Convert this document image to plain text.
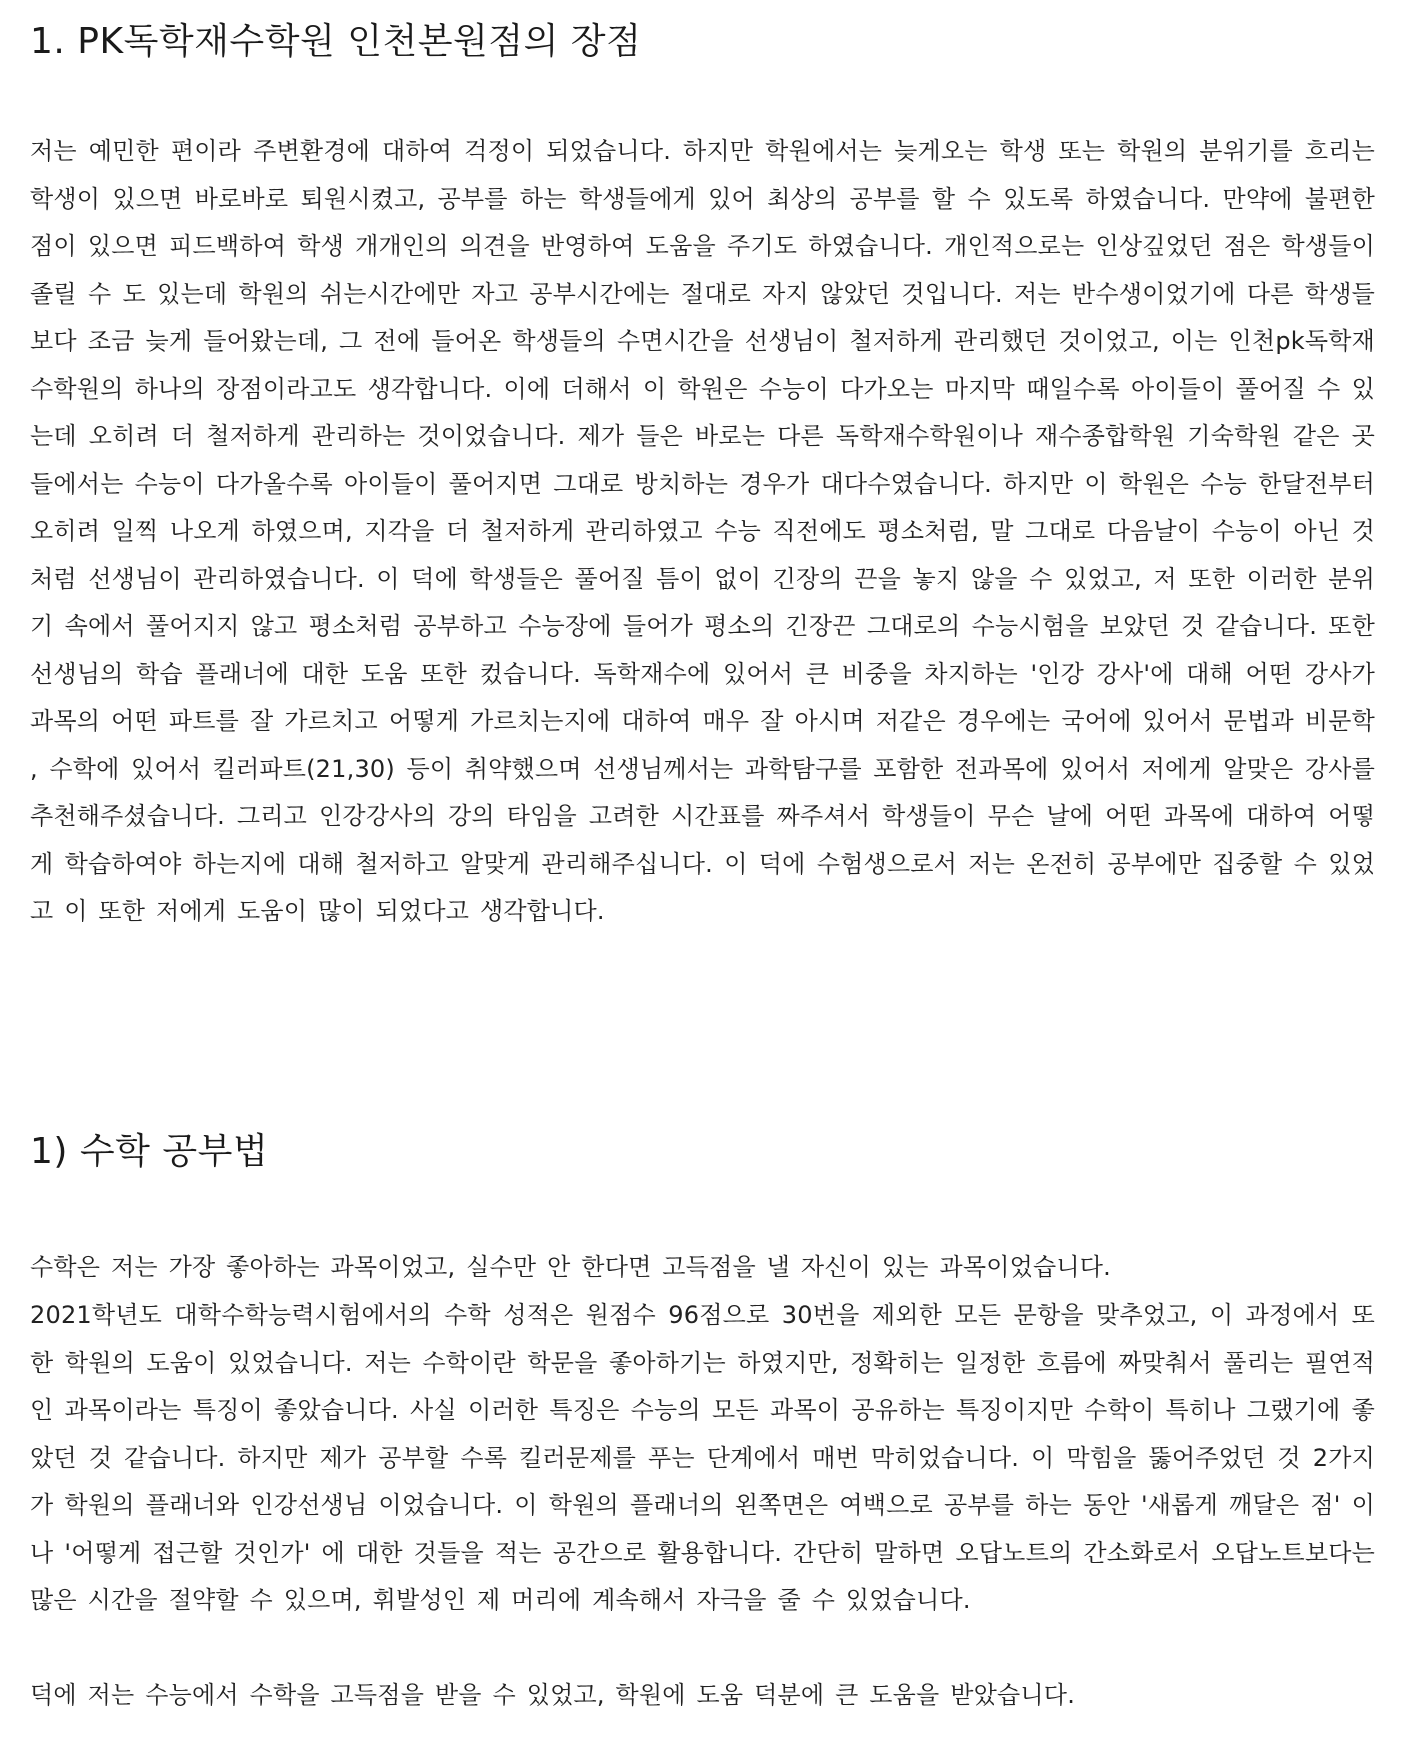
1. PK독학재수학원 인천본원점의 장점

저는 예민한 편이라 주변환경에 대하여 걱정이 되었습니다. 하지만 학원에서는 늦게오는 학생 또는 학원의 분위기를 흐리는 학생이 있으면 바로바로 퇴원시켰고, 공부를 하는 학생들에게 있어 최상의 공부를 할 수 있도록 하였습니다. 만약에 불편한 점이 있으면 피드백하여 학생 개개인의 의견을 반영하여 도움을 주기도 하였습니다. 개인적으로는 인상깊었던 점은 학생들이 졸릴 수 도 있는데 학원의 쉬는시간에만 자고 공부시간에는 절대로 자지 않았던 것입니다. 저는 반수생이었기에 다른 학생들보다 조금 늦게 들어왔는데, 그 전에 들어온 학생들의 수면시간을 선생님이 철저하게 관리했던 것이었고, 이는 인천pk독학재수학원의 하나의 장점이라고도 생각합니다. 이에 더해서 이 학원은 수능이 다가오는 마지막 때일수록 아이들이 풀어질 수 있는데 오히려 더 철저하게 관리하는 것이었습니다. 제가 들은 바로는 다른 독학재수학원이나 재수종합학원 기숙학원 같은 곳들에서는 수능이 다가올수록 아이들이 풀어지면 그대로 방치하는 경우가 대다수였습니다. 하지만 이 학원은 수능 한달전부터 오히려 일찍 나오게 하였으며, 지각을 더 철저하게 관리하였고 수능 직전에도 평소처럼, 말 그대로 다음날이 수능이 아닌 것처럼 선생님이 관리하였습니다. 이 덕에 학생들은 풀어질 틈이 없이 긴장의 끈을 놓지 않을 수 있었고, 저 또한 이러한 분위기 속에서 풀어지지 않고 평소처럼 공부하고 수능장에 들어가 평소의 긴장끈 그대로의 수능시험을 보았던 것 같습니다. 또한 선생님의 학습 플래너에 대한 도움 또한 컸습니다. 독학재수에 있어서 큰 비중을 차지하는 '인강 강사'에 대해 어떤 강사가 과목의 어떤 파트를 잘 가르치고 어떻게 가르치는지에 대하여 매우 잘 아시며 저같은 경우에는 국어에 있어서 문법과 비문학 , 수학에 있어서 킬러파트(21,30) 등이 취약했으며 선생님께서는 과학탐구를 포함한 전과목에 있어서 저에게 알맞은 강사를 추천해주셨습니다. 그리고 인강강사의 강의 타임을 고려한 시간표를 짜주셔서 학생들이 무슨 날에 어떤 과목에 대하여 어떻게 학습하여야 하는지에 대해 철저하고 알맞게 관리해주십니다. 이 덕에 수험생으로서 저는 온전히 공부에만 집중할 수 있었고 이 또한 저에게 도움이 많이 되었다고 생각합니다.

1) 수학 공부법

수학은 저는 가장 좋아하는 과목이었고, 실수만 안 한다면 고득점을 낼 자신이 있는 과목이었습니다.

2021학년도 대학수학능력시험에서의 수학 성적은 원점수 96점으로 30번을 제외한 모든 문항을 맞추었고, 이 과정에서 또한 학원의 도움이 있었습니다. 저는 수학이란 학문을 좋아하기는 하였지만, 정확히는 일정한 흐름에 짜맞춰서 풀리는 필연적인 과목이라는 특징이 좋았습니다. 사실 이러한 특징은 수능의 모든 과목이 공유하는 특징이지만 수학이 특히나 그랬기에 좋았던 것 같습니다. 하지만 제가 공부할 수록 킬러문제를 푸는 단계에서 매번 막히었습니다. 이 막힘을 뚫어주었던 것 2가지가 학원의 플래너와 인강선생님 이었습니다. 이 학원의 플래너의 왼쪽면은 여백으로 공부를 하는 동안 '새롭게 깨달은 점' 이나 '어떻게 접근할 것인가' 에 대한 것들을 적는 공간으로 활용합니다. 간단히 말하면 오답노트의 간소화로서 오답노트보다는 많은 시간을 절약할 수 있으며, 휘발성인 제 머리에 계속해서 자극을 줄 수 있었습니다.

덕에 저는 수능에서 수학을 고득점을 받을 수 있었고, 학원에 도움 덕분에 큰 도움을 받았습니다.
